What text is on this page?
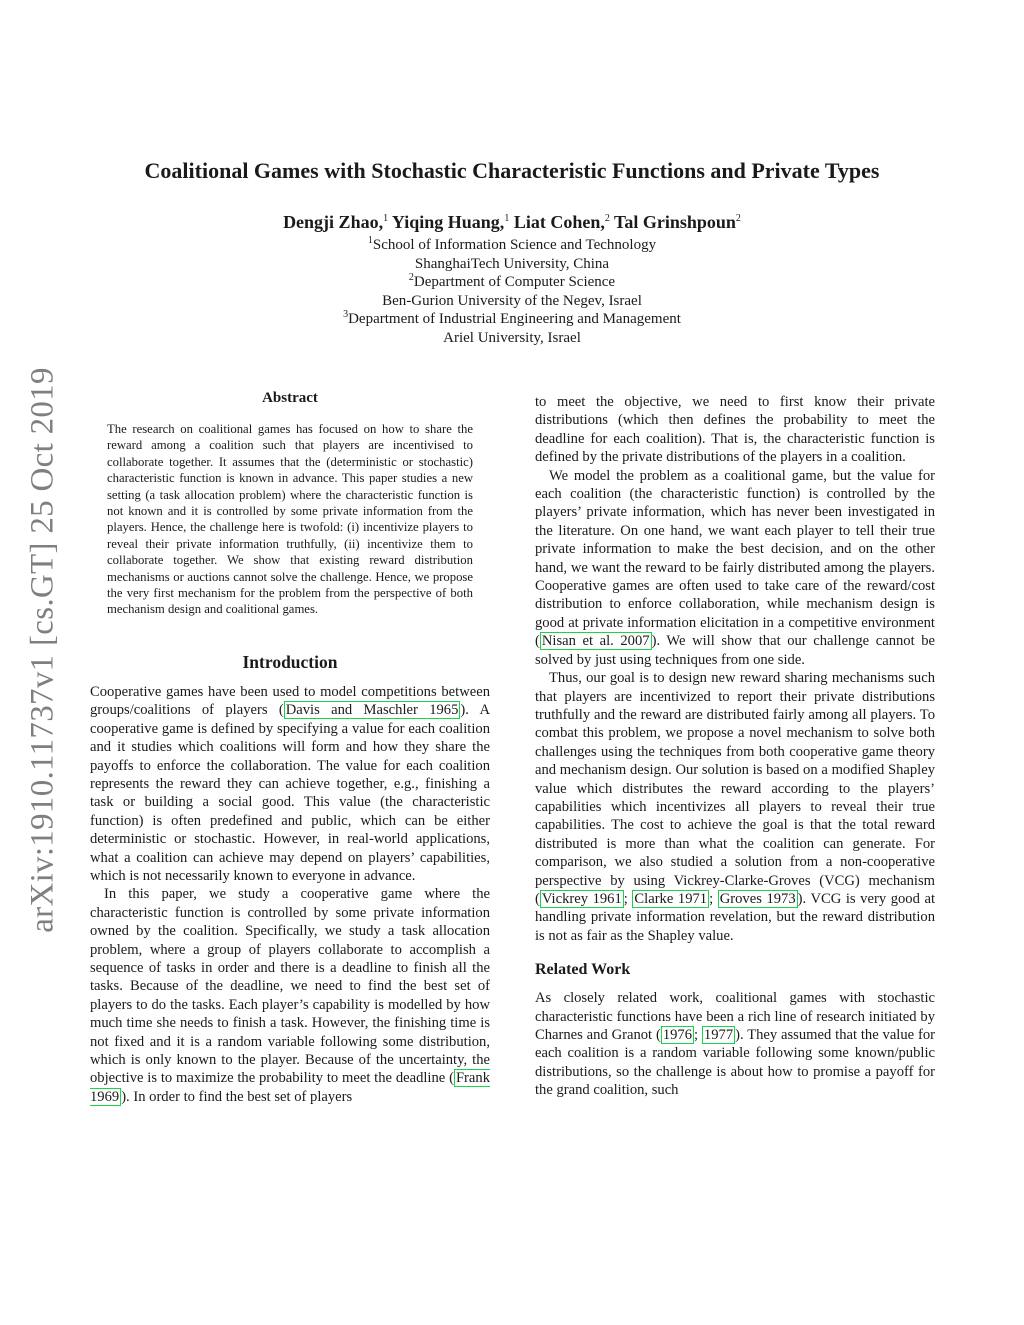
arXiv:1910.11737v1 [cs.GT] 25 Oct 2019
Coalitional Games with Stochastic Characteristic Functions and Private Types
Dengji Zhao,$^1$ Yiqing Huang,$^1$ Liat Cohen,$^2$ Tal Grinshpoun$^2$
$^1$School of Information Science and Technology
ShanghaiTech University, China
$^2$Department of Computer Science
Ben-Gurion University of the Negev, Israel
$^3$Department of Industrial Engineering and Management
Ariel University, Israel
Abstract

The research on coalitional games has focused on how to share the reward among a coalition such that players are incentivised to collaborate together. It assumes that the (deterministic or stochastic) characteristic function is known in advance. This paper studies a new setting (a task allocation problem) where the characteristic function is not known and it is controlled by some private information from the players. Hence, the challenge here is twofold: (i) incentivize players to reveal their private information truthfully, (ii) incentivize them to collaborate together. We show that existing reward distribution mechanisms or auctions cannot solve the challenge. Hence, we propose the very first mechanism for the problem from the perspective of both mechanism design and coalitional games.

Introduction

Cooperative games have been used to model competitions between groups/coalitions of players ( Davis and Maschler 1965 ). A cooperative game is defined by specifying a value for each coalition and it studies which coalitions will form and how they share the payoffs to enforce the collaboration. The value for each coalition represents the reward they can achieve together, e.g., finishing a task or building a social good. This value (the characteristic function) is often predefined and public, which can be either deterministic or stochastic. However, in real-world applications, what a coalition can achieve may depend on players’ capabilities, which is not necessarily known to everyone in advance.

In this paper, we study a cooperative game where the characteristic function is controlled by some private information owned by the coalition. Specifically, we study a task allocation problem, where a group of players collaborate to accomplish a sequence of tasks in order and there is a deadline to finish all the tasks. Because of the deadline, we need to find the best set of players to do the tasks. Each player’s capability is modelled by how much time she needs to finish a task. However, the finishing time is not fixed and it is a random variable following some distribution, which is only known to the player. Because of the uncertainty, the objective is to maximize the probability to meet the deadline ( Frank 1969 ). In order to find the best set of players

to meet the objective, we need to first know their private distributions (which then defines the probability to meet the deadline for each coalition). That is, the characteristic function is defined by the private distributions of the players in a coalition.

We model the problem as a coalitional game, but the value for each coalition (the characteristic function) is controlled by the players’ private information, which has never been investigated in the literature. On one hand, we want each player to tell their true private information to make the best decision, and on the other hand, we want the reward to be fairly distributed among the players. Cooperative games are often used to take care of the reward/cost distribution to enforce collaboration, while mechanism design is good at private information elicitation in a competitive environment ( Nisan et al. 2007 ). We will show that our challenge cannot be solved by just using techniques from one side.

Thus, our goal is to design new reward sharing mechanisms such that players are incentivized to report their private distributions truthfully and the reward are distributed fairly among all players. To combat this problem, we propose a novel mechanism to solve both challenges using the techniques from both cooperative game theory and mechanism design. Our solution is based on a modified Shapley value which distributes the reward according to the players’ capabilities which incentivizes all players to reveal their true capabilities. The cost to achieve the goal is that the total reward distributed is more than what the coalition can generate. For comparison, we also studied a solution from a non-cooperative perspective by using Vickrey-Clarke-Groves (VCG) mechanism ( Vickrey 1961 ; Clarke 1971 ; Groves 1973 ). VCG is very good at handling private information revelation, but the reward distribution is not as fair as the Shapley value.

Related Work

As closely related work, coalitional games with stochastic characteristic functions have been a rich line of research initiated by Charnes and Granot ( 1976 ; 1977 ). They assumed that the value for each coalition is a random variable following some known/public distributions, so the challenge is about how to promise a payoff for the grand coalition, such
